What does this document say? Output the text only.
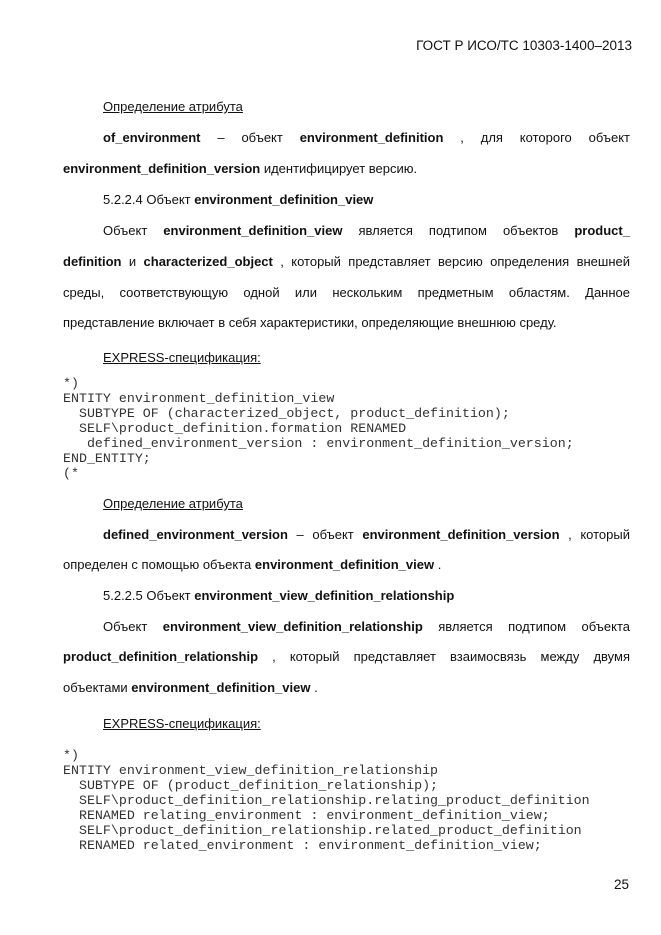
ГОСТ Р ИСО/ТС 10303-1400–2013
Определение атрибута
of_environment – объект environment_definition , для которого объект
environment_definition_version идентифицирует версию.
5.2.2.4 Объект environment_definition_view
Объект environment_definition_view является подтипом объектов product_
definition и characterized_object , который представляет версию определения внешней
среды, соответствующую одной или нескольким предметным областям. Данное
представление включает в себя характеристики, определяющие внешнюю среду.
EXPRESS-спецификация:
Определение атрибута
defined_environment_version – объект environment_definition_version , который
определен с помощью объекта environment_definition_view .
5.2.2.5 Объект environment_view_definition_relationship
Объект environment_view_definition_relationship является подтипом объекта
product_definition_relationship , который представляет взаимосвязь между двумя
объектами environment_definition_view .
EXPRESS-спецификация:
*)
ENTITY environment_definition_view
SUBTYPE OF (characterized_object, product_definition);
SELF\product_definition.formation RENAMED
defined_environment_version : environment_definition_version;
END_ENTITY;
(*
*)
ENTITY environment_view_definition_relationship
SUBTYPE OF (product_definition_relationship);
SELF\product_definition_relationship.relating_product_definition
RENAMED relating_environment : environment_definition_view;
SELF\product_definition_relationship.related_product_definition
RENAMED related_environment : environment_definition_view;
25
